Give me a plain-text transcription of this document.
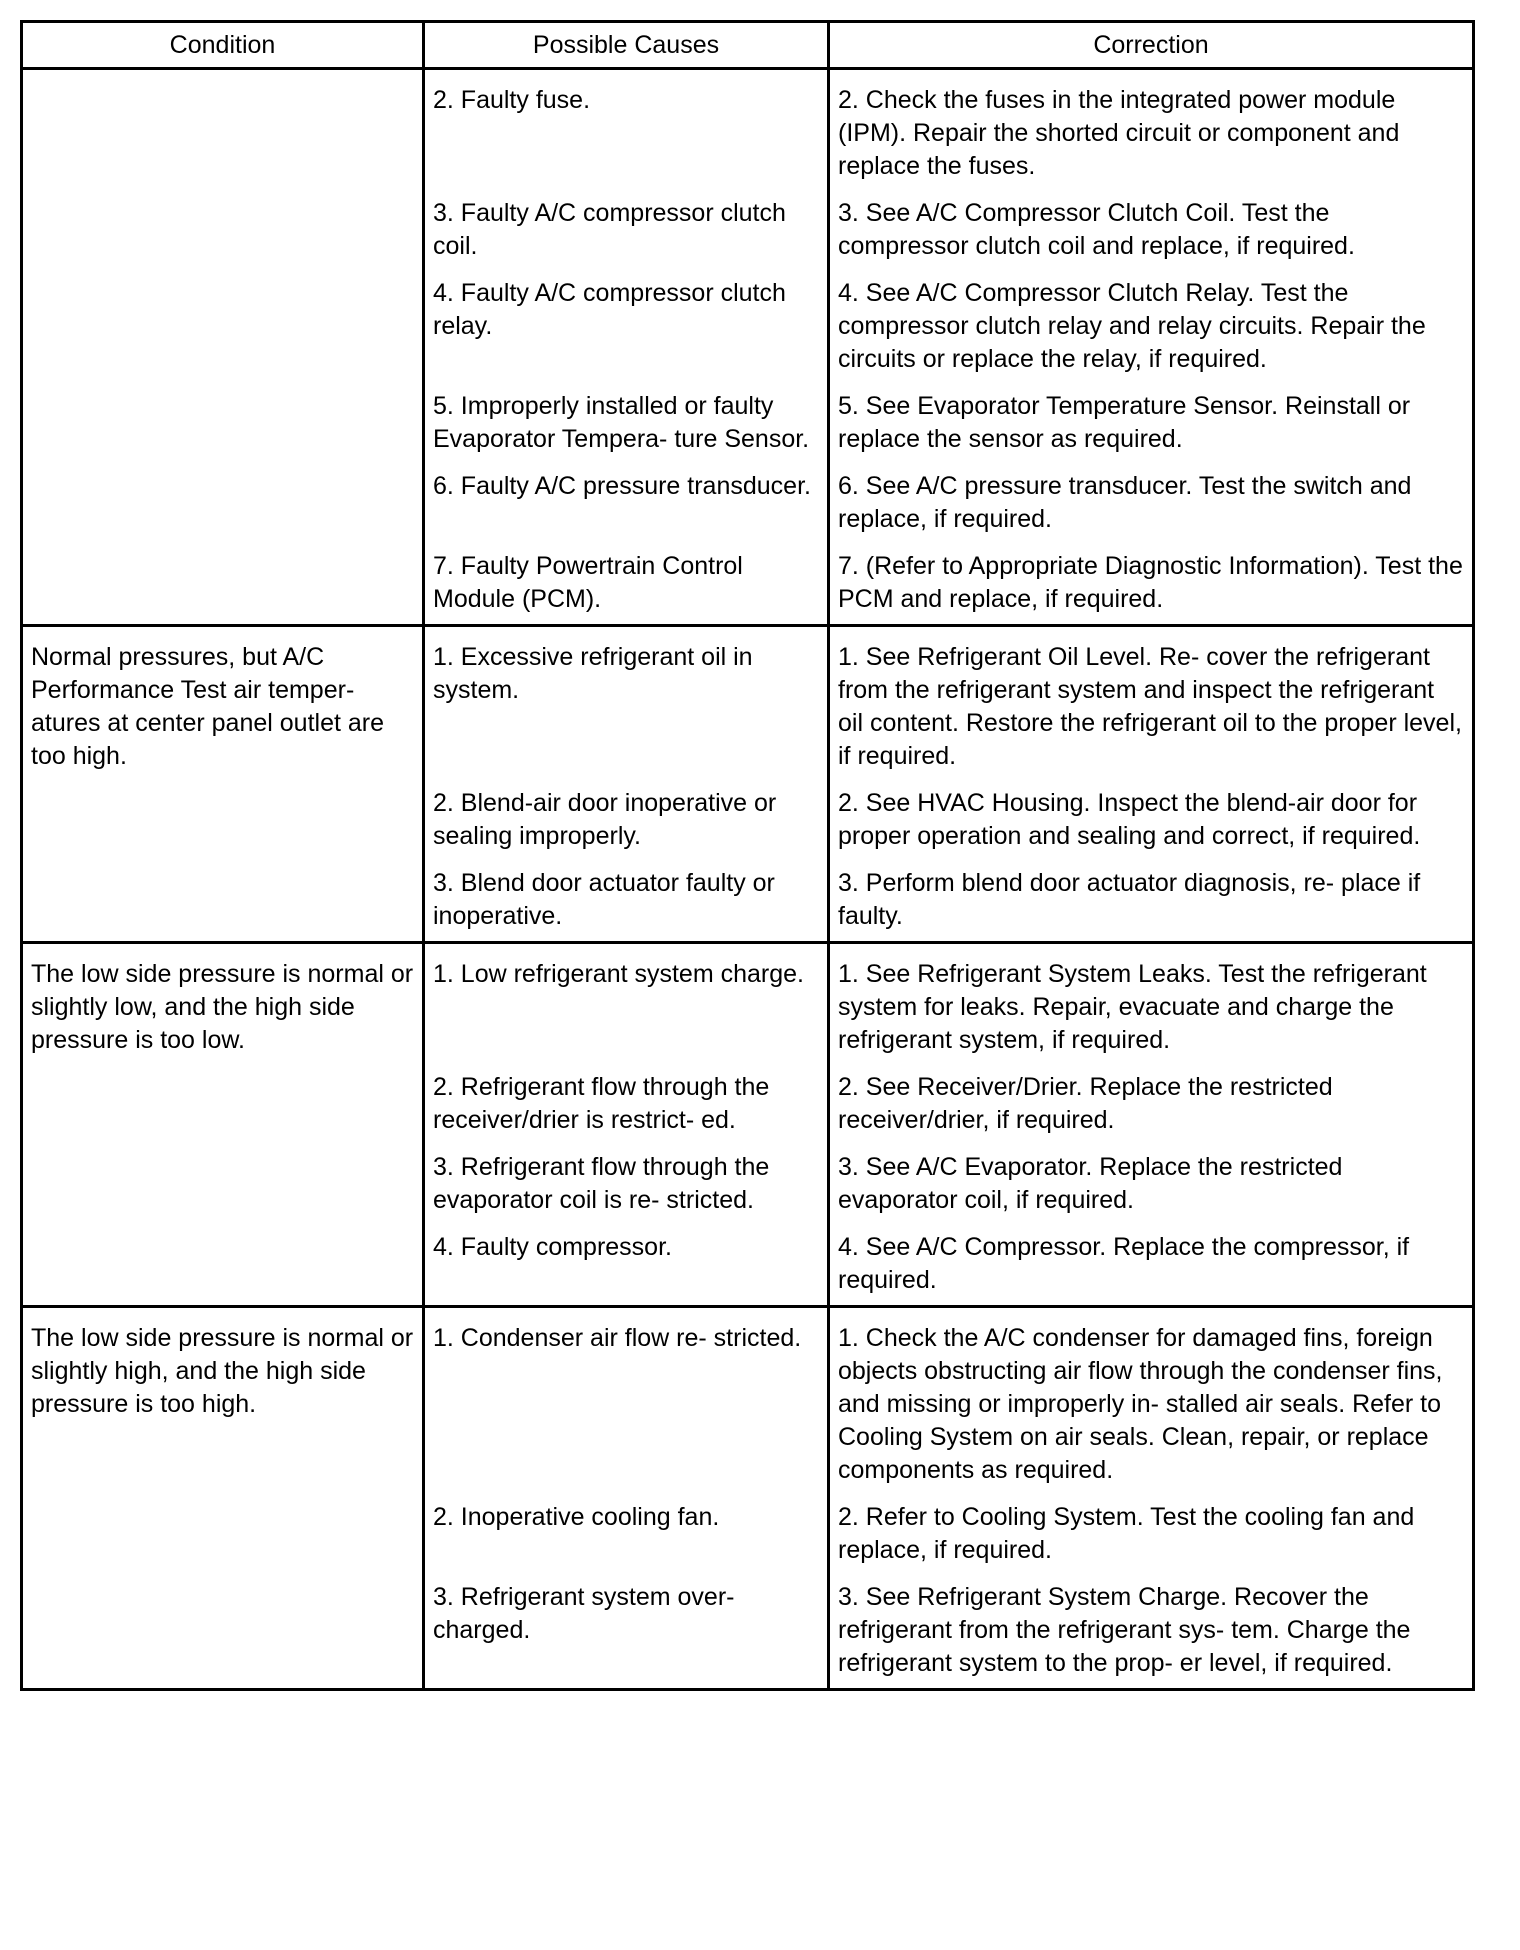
Condition	Possible Causes	Correction
	2. Faulty fuse.	2. Check the fuses in the integrated power module (IPM). Repair the shorted circuit or component and replace the fuses.
	3. Faulty A/C compressor clutch coil.	3. See A/C Compressor Clutch Coil. Test the compressor clutch coil and replace, if required.
	4. Faulty A/C compressor clutch relay.	4. See A/C Compressor Clutch Relay. Test the compressor clutch relay and relay circuits. Repair the circuits or replace the relay, if required.
	5. Improperly installed or faulty Evaporator Tempera- ture Sensor.	5. See Evaporator Temperature Sensor. Reinstall or replace the sensor as required.
	6. Faulty A/C pressure transducer.	6. See A/C pressure transducer. Test the switch and replace, if required.
	7. Faulty Powertrain Control Module (PCM).	7. (Refer to Appropriate Diagnostic Information). Test the PCM and replace, if required.
Normal pressures, but A/C Performance Test air temper- atures at center panel outlet are too high.	1. Excessive refrigerant oil in system.	1. See Refrigerant Oil Level. Re- cover the refrigerant from the refrigerant system and inspect the refrigerant oil content. Restore the refrigerant oil to the proper level, if required.
	2. Blend-air door inoperative or sealing improperly.	2. See HVAC Housing. Inspect the blend-air door for proper operation and sealing and correct, if required.
	3. Blend door actuator faulty or inoperative.	3. Perform blend door actuator diagnosis, re- place if faulty.
The low side pressure is normal or slightly low, and the high side pressure is too low.	1. Low refrigerant system charge.	1. See Refrigerant System Leaks. Test the refrigerant system for leaks. Repair, evacuate and charge the refrigerant system, if required.
	2. Refrigerant flow through the receiver/drier is restrict- ed.	2. See Receiver/Drier. Replace the restricted receiver/drier, if required.
	3. Refrigerant flow through the evaporator coil is re- stricted.	3. See A/C Evaporator. Replace the restricted evaporator coil, if required.
	4. Faulty compressor.	4. See A/C Compressor. Replace the compressor, if required.
The low side pressure is normal or slightly high, and the high side pressure is too high.	1. Condenser air flow re- stricted.	1. Check the A/C condenser for damaged fins, foreign objects obstructing air flow through the condenser fins, and missing or improperly in- stalled air seals. Refer to Cooling System on air seals. Clean, repair, or replace components as required.
	2. Inoperative cooling fan.	2. Refer to Cooling System. Test the cooling fan and replace, if required.
	3. Refrigerant system over- charged.	3. See Refrigerant System Charge. Recover the refrigerant from the refrigerant sys- tem. Charge the refrigerant system to the prop- er level, if required.
